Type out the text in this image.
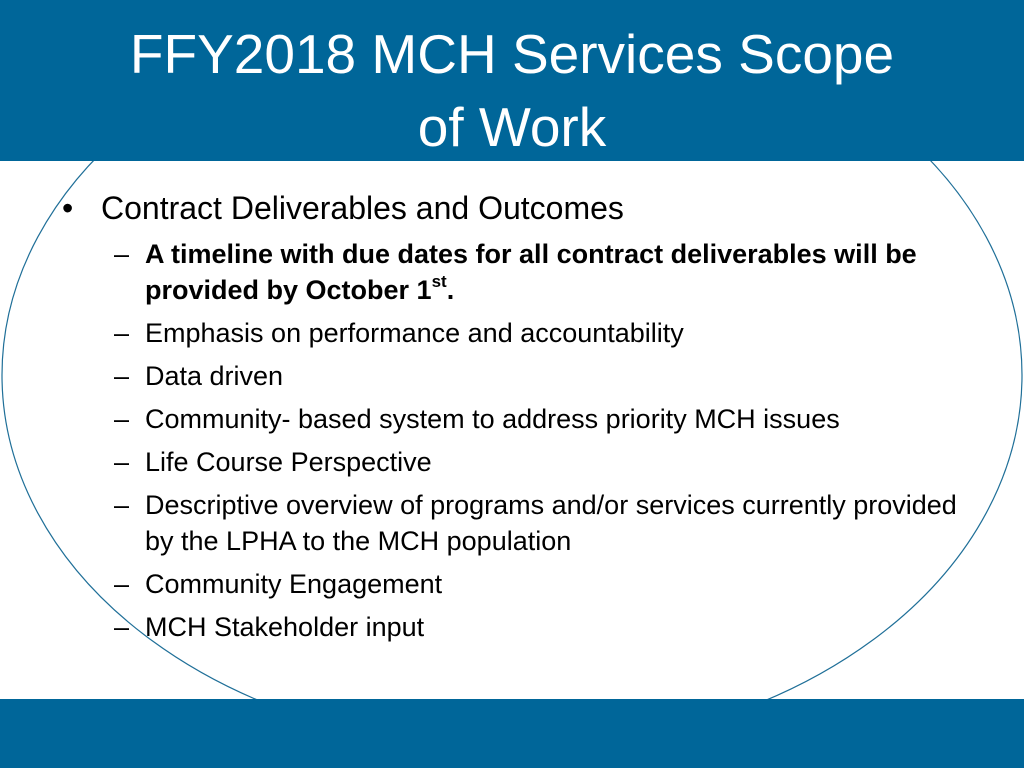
FFY2018 MCH Services Scope
of Work
• Contract Deliverables and Outcomes
– A timeline with due dates for all contract deliverables will be provided by October 1st.
– Emphasis on performance and accountability
– Data driven
– Community- based system to address priority MCH issues
– Life Course Perspective
– Descriptive overview of programs and/or services currently provided by the LPHA to the MCH population
– Community Engagement
– MCH Stakeholder input
